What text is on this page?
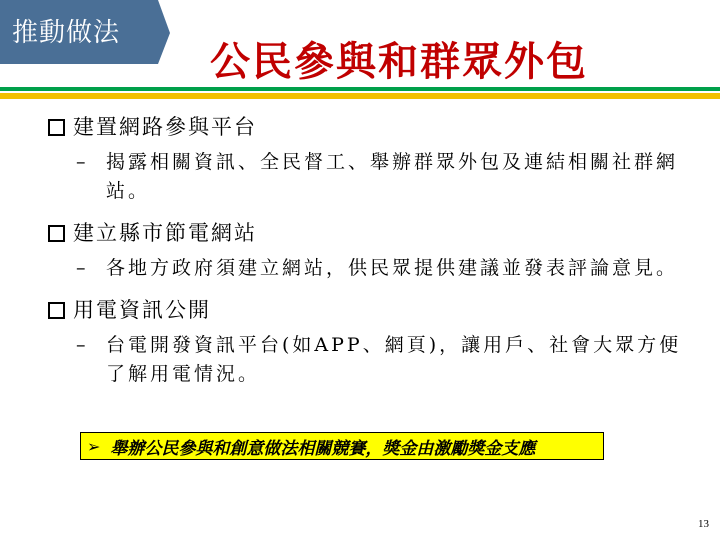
推動做法
公民參與和群眾外包
建置網路參與平台
– 揭露相關資訊、全民督工、舉辦群眾外包及連結相關社群網站。
建立縣市節電網站
– 各地方政府須建立網站，供民眾提供建議並發表評論意見。
用電資訊公開
– 台電開發資訊平台(如APP、網頁)，讓用戶、社會大眾方便了解用電情況。
➢ 舉辦公民參與和創意做法相關競賽，獎金由激勵獎金支應
13
